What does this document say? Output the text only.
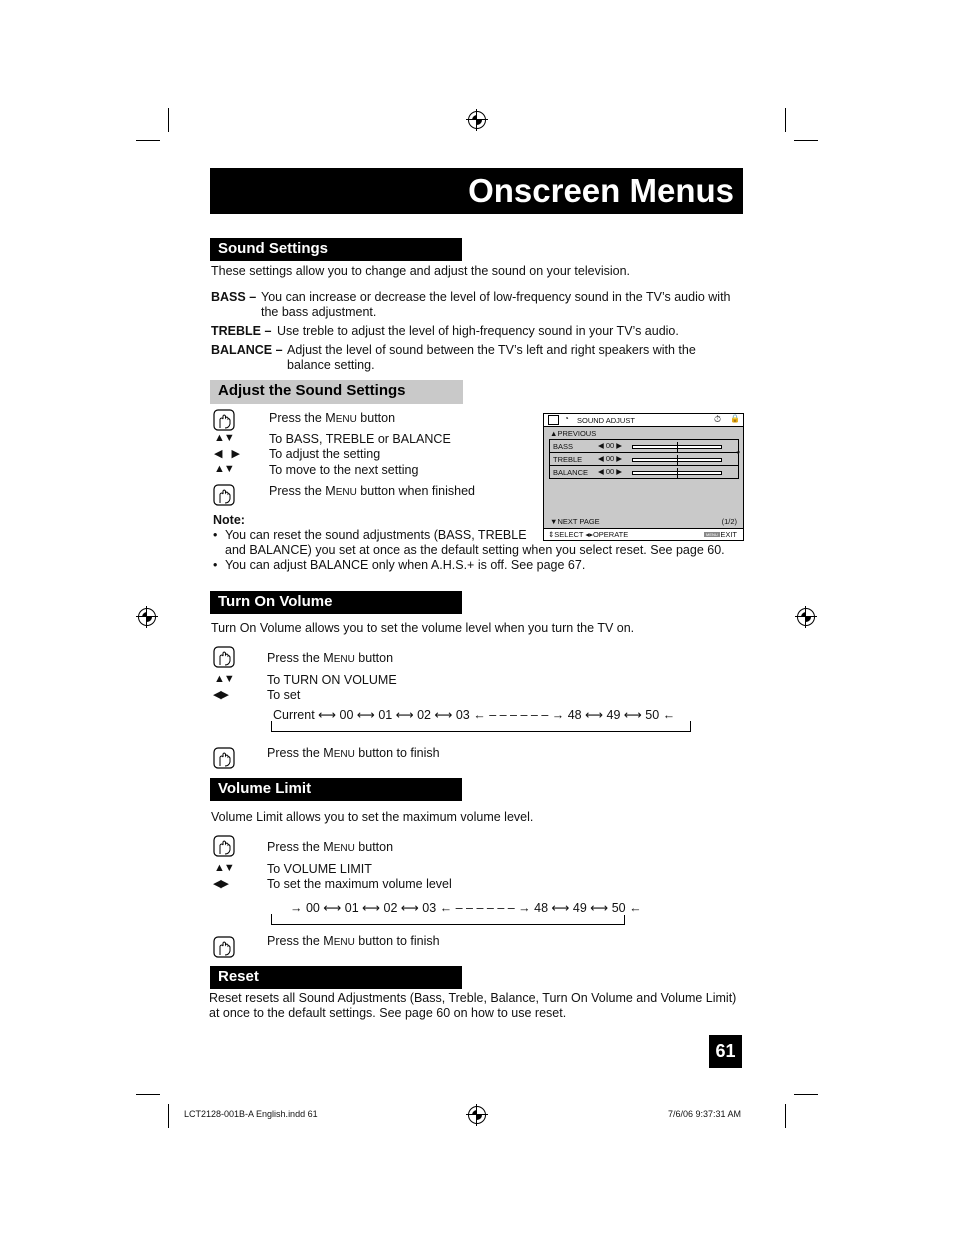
Onscreen Menus
Sound Settings
These settings allow you to change and adjust the sound on your television.
BASS – You can increase or decrease the level of low-frequency sound in the TV’s audio with
the bass adjustment.
TREBLE – Use treble to adjust the level of high-frequency sound in your TV’s audio.
BALANCE – Adjust the level of sound between the TV’s left and right speakers with the
balance setting.
Adjust the Sound Settings
Press the MENU button
▲▼	To BASS, TREBLE or BALANCE
◀ ▶ To adjust the setting
▲▼	To move to the next setting
Press the MENU button when finished
Note:
• You can reset the sound adjustments (BASS, TREBLE
and BALANCE) you set at once as the default setting when you select reset. See page 60.
• You can adjust BALANCE only when A.H.S.+ is off. See page 67.
◔ SOUND ADJUST	⏱ 🔒
▲PREVIOUS
BASS	◀ 00 ▶
TREBLE ◀ 00 ▶
BALANCE ◀ 00 ▶
▾
▼NEXT PAGE	(1/2)
⇕SELECT ◂▸OPERATE	MENU EXIT
Turn On Volume
Turn On Volume allows you to set the volume level when you turn the TV on.
Press the MENU button
▲▼	To TURN ON VOLUME
◀▶	To set
Current ⟷ 00 ⟷ 01 ⟷ 02 ⟷ 03 ← – – – – – – → 48 ⟷ 49 ⟷ 50 ←
Press the MENU button to finish
Volume Limit
Volume Limit allows you to set the maximum volume level.
Press the MENU button
▲▼	To VOLUME LIMIT
◀▶	To set the maximum volume level
→ 00 ⟷ 01 ⟷ 02 ⟷ 03 ← – – – – – – → 48 ⟷ 49 ⟷ 50 ←
Press the MENU button to finish
Reset
Reset resets all Sound Adjustments (Bass, Treble, Balance, Turn On Volume and Volume Limit)
at once to the default settings. See page 60 on how to use reset.
61
LCT2128-001B-A English.indd 61	7/6/06 9:37:31 AM
